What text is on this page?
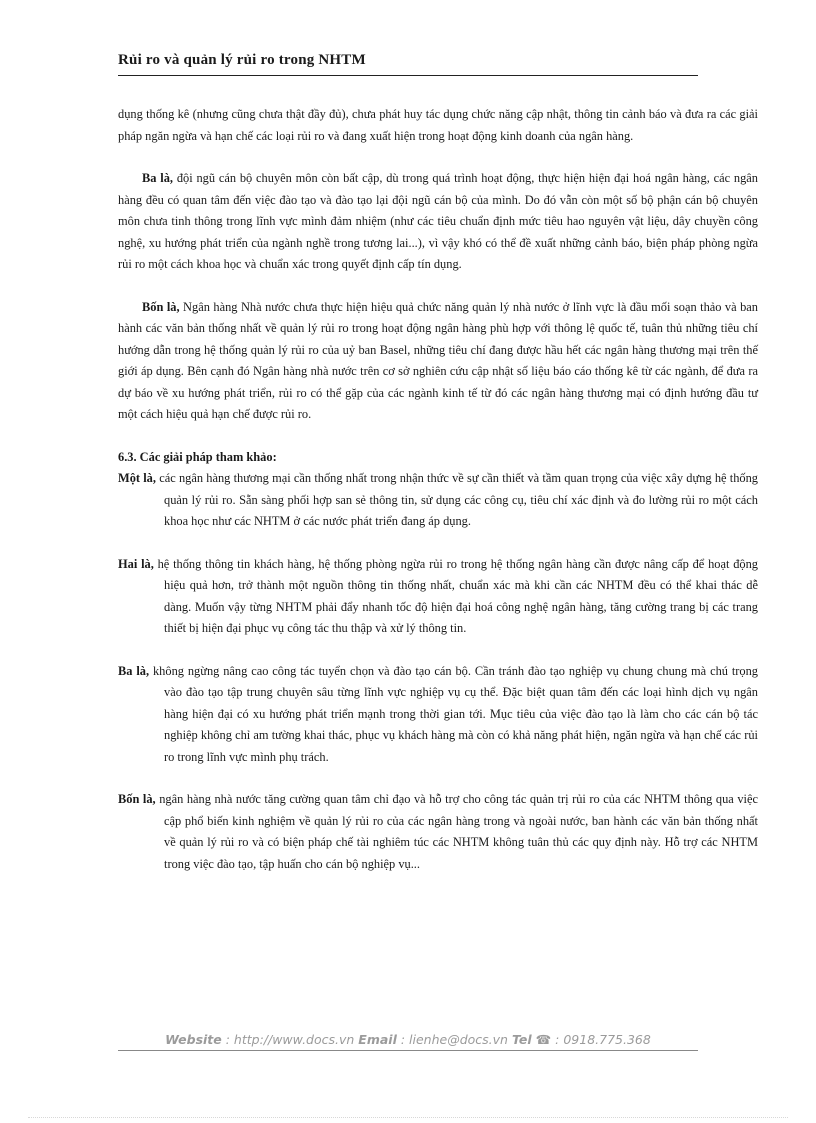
Rủi ro và quản lý rủi ro trong NHTM

dụng thống kê (nhưng cũng chưa thật đầy đủ), chưa phát huy tác dụng chức năng cập nhật, thông tin cảnh báo và đưa ra các giải pháp ngăn ngừa và hạn chế các loại rủi ro và đang xuất hiện trong hoạt động kinh doanh của ngân hàng.

Ba là, đội ngũ cán bộ chuyên môn còn bất cập, dù trong quá trình hoạt động, thực hiện hiện đại hoá ngân hàng, các ngân hàng đều có quan tâm đến việc đào tạo và đào tạo lại đội ngũ cán bộ của mình. Do đó vẫn còn một số bộ phận cán bộ chuyên môn chưa tinh thông trong lĩnh vực mình đảm nhiệm (như các tiêu chuẩn định mức tiêu hao nguyên vật liệu, dây chuyền công nghệ, xu hướng phát triển của ngành nghề trong tương lai...), vì vậy khó có thể đề xuất những cảnh báo, biện pháp phòng ngừa rủi ro một cách khoa học và chuẩn xác trong quyết định cấp tín dụng.

Bốn là, Ngân hàng Nhà nước chưa thực hiện hiệu quả chức năng quản lý nhà nước ở lĩnh vực là đầu mối soạn thảo và ban hành các văn bản thống nhất về quản lý rủi ro trong hoạt động ngân hàng phù hợp với thông lệ quốc tế, tuân thủ những tiêu chí hướng dẫn trong hệ thống quản lý rủi ro của uỷ ban Basel, những tiêu chí đang được hầu hết các ngân hàng thương mại trên thế giới áp dụng. Bên cạnh đó Ngân hàng nhà nước trên cơ sở nghiên cứu cập nhật số liệu báo cáo thống kê từ các ngành, để đưa ra dự báo về xu hướng phát triển, rủi ro có thể gặp của các ngành kinh tế từ đó các ngân hàng thương mại có định hướng đầu tư một cách hiệu quả hạn chế được rủi ro.

6.3. Các giải pháp tham khảo:

Một là, các ngân hàng thương mại cần thống nhất trong nhận thức về sự cần thiết và tầm quan trọng của việc xây dựng hệ thống quản lý rủi ro. Sẵn sàng phối hợp san sẻ thông tin, sử dụng các công cụ, tiêu chí xác định và đo lường rủi ro một cách khoa học như các NHTM ở các nước phát triển đang áp dụng.

Hai là, hệ thống thông tin khách hàng, hệ thống phòng ngừa rủi ro trong hệ thống ngân hàng cần được nâng cấp để hoạt động hiệu quả hơn, trở thành một nguồn thông tin thống nhất, chuẩn xác mà khi cần các NHTM đều có thể khai thác dễ dàng. Muốn vậy từng NHTM phải đẩy nhanh tốc độ hiện đại hoá công nghệ ngân hàng, tăng cường trang bị các trang thiết bị hiện đại phục vụ công tác thu thập và xử lý thông tin.

Ba là, không ngừng nâng cao công tác tuyển chọn và đào tạo cán bộ. Cần tránh đào tạo nghiệp vụ chung chung mà chú trọng vào đào tạo tập trung chuyên sâu từng lĩnh vực nghiệp vụ cụ thể. Đặc biệt quan tâm đến các loại hình dịch vụ ngân hàng hiện đại có xu hướng phát triển mạnh trong thời gian tới. Mục tiêu của việc đào tạo là làm cho các cán bộ tác nghiệp không chỉ am tường khai thác, phục vụ khách hàng mà còn có khả năng phát hiện, ngăn ngừa và hạn chế các rủi ro trong lĩnh vực mình phụ trách.

Bốn là, ngân hàng nhà nước tăng cường quan tâm chỉ đạo và hỗ trợ cho công tác quản trị rủi ro của các NHTM thông qua việc cập phổ biến kinh nghiệm về quản lý rủi ro của các ngân hàng trong và ngoài nước, ban hành các văn bản thống nhất về quản lý rủi ro và có biện pháp chế tài nghiêm túc các NHTM không tuân thủ các quy định này. Hỗ trợ các NHTM trong việc đào tạo, tập huấn cho cán bộ nghiệp vụ...

Website : http://www.docs.vn Email : lienhe@docs.vn Tel ☎ : 0918.775.368
